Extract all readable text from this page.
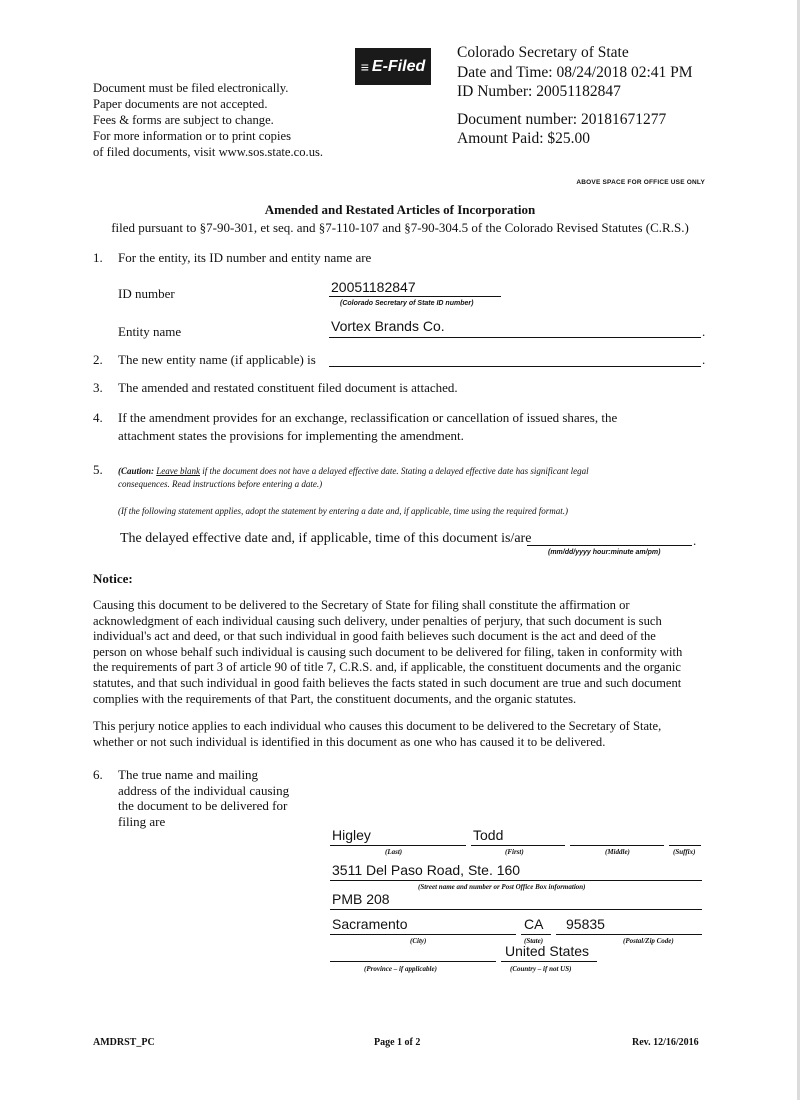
Document must be filed electronically.
Paper documents are not accepted.
Fees & forms are subject to change.
For more information or to print copies
of filed documents, visit www.sos.state.co.us.
≡ E-Filed
Colorado Secretary of State
Date and Time: 08/24/2018 02:41 PM
ID Number: 20051182847
Document number: 20181671277
Amount Paid: $25.00
ABOVE SPACE FOR OFFICE USE ONLY
Amended and Restated Articles of Incorporation
filed pursuant to §7-90-301, et seq. and §7-110-107 and §7-90-304.5 of the Colorado Revised Statutes (C.R.S.)
1. For the entity, its ID number and entity name are
ID number	20051182847
(Colorado Secretary of State ID number)
Entity name	Vortex Brands Co.	.
2. The new entity name (if applicable) is	.
3. The amended and restated constituent filed document is attached.
4. If the amendment provides for an exchange, reclassification or cancellation of issued shares, the
attachment states the provisions for implementing the amendment.
5. (Caution: Leave blank if the document does not have a delayed effective date. Stating a delayed effective date has significant legal
consequences. Read instructions before entering a date.)
(If the following statement applies, adopt the statement by entering a date and, if applicable, time using the required format.)
The delayed effective date and, if applicable, time of this document is/are	.
(mm/dd/yyyy hour:minute am/pm)
Notice:
Causing this document to be delivered to the Secretary of State for filing shall constitute the affirmation or
acknowledgment of each individual causing such delivery, under penalties of perjury, that such document is such
individual's act and deed, or that such individual in good faith believes such document is the act and deed of the
person on whose behalf such individual is causing such document to be delivered for filing, taken in conformity with
the requirements of part 3 of article 90 of title 7, C.R.S. and, if applicable, the constituent documents and the organic
statutes, and that such individual in good faith believes the facts stated in such document are true and such document
complies with the requirements of that Part, the constituent documents, and the organic statutes.
This perjury notice applies to each individual who causes this document to be delivered to the Secretary of State,
whether or not such individual is identified in this document as one who has caused it to be delivered.
6. The true name and mailing
address of the individual causing
the document to be delivered for
filing are
Higley	Todd
(Last)	(First)	(Middle)	(Suffix)
3511 Del Paso Road, Ste. 160
(Street name and number or Post Office Box information)
PMB 208
Sacramento	CA 95835
(City)	(State)	(Postal/Zip Code)
United States
(Province – if applicable)	(Country – if not US)
AMDRST_PC	Page 1 of 2	Rev. 12/16/2016
